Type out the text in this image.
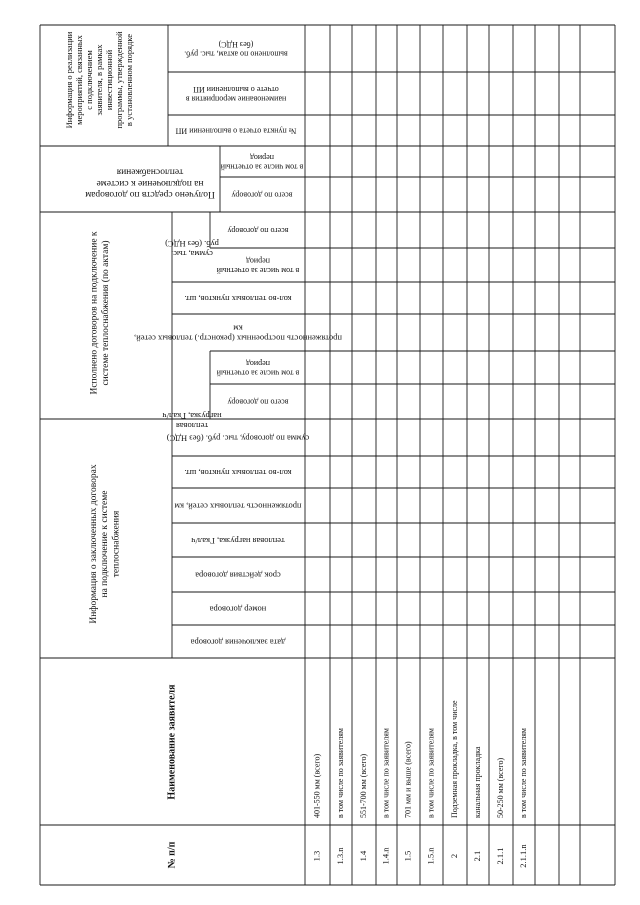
№ п/п
Наименование заявителя
Информация о заключенных договорах на подключение к системе теплоснабжения
дата заключения договора
номер договора
срок действия договора
тепловая нагрузка, Гкал/ч
протяженность тепловых сетей, км
кол-во тепловых пунктов, шт.
сумма по договору, тыс. руб. (без НДС)
Исполнено договоров на подключение к системе теплоснабжения (по актам)
тепловая
нагрузка, Гкал/ч
всего по договору
в том числе за отчетный
период
протяженность построенных (реконстр.) тепловых сетей,
км
кол-во тепловых пунктов, шт.
сумма, тыс.
руб. (без НДС)
всего по договору
в том числе за отчетный
период
Получено средств по договорам
на подключение к системе
теплоснабжения
всего по договору
в том числе за отчетный
период
Информация о реализации мероприятий, связанных с подключением заявителя, в рамках инвестиционной программы, утвержденной в установленном порядке
№ пункта отчета о выполнении ИП
наименование мероприятия в
отчете о выполнении ИП
выполнено по актам, тыс. руб.
(без НДС)
1.3
401-550 мм (всего)
1.3.n
в том числе по заявителям
1.4
551-700 мм (всего)
1.4.n
в том числе по заявителям
1.5
701 мм и выше (всего)
1.5.n
в том числе по заявителям
2
Подземная прокладка, в том числе
2.1
канальная прокладка
2.1.1
50-250 мм (всего)
2.1.1.n
в том числе по заявителям
